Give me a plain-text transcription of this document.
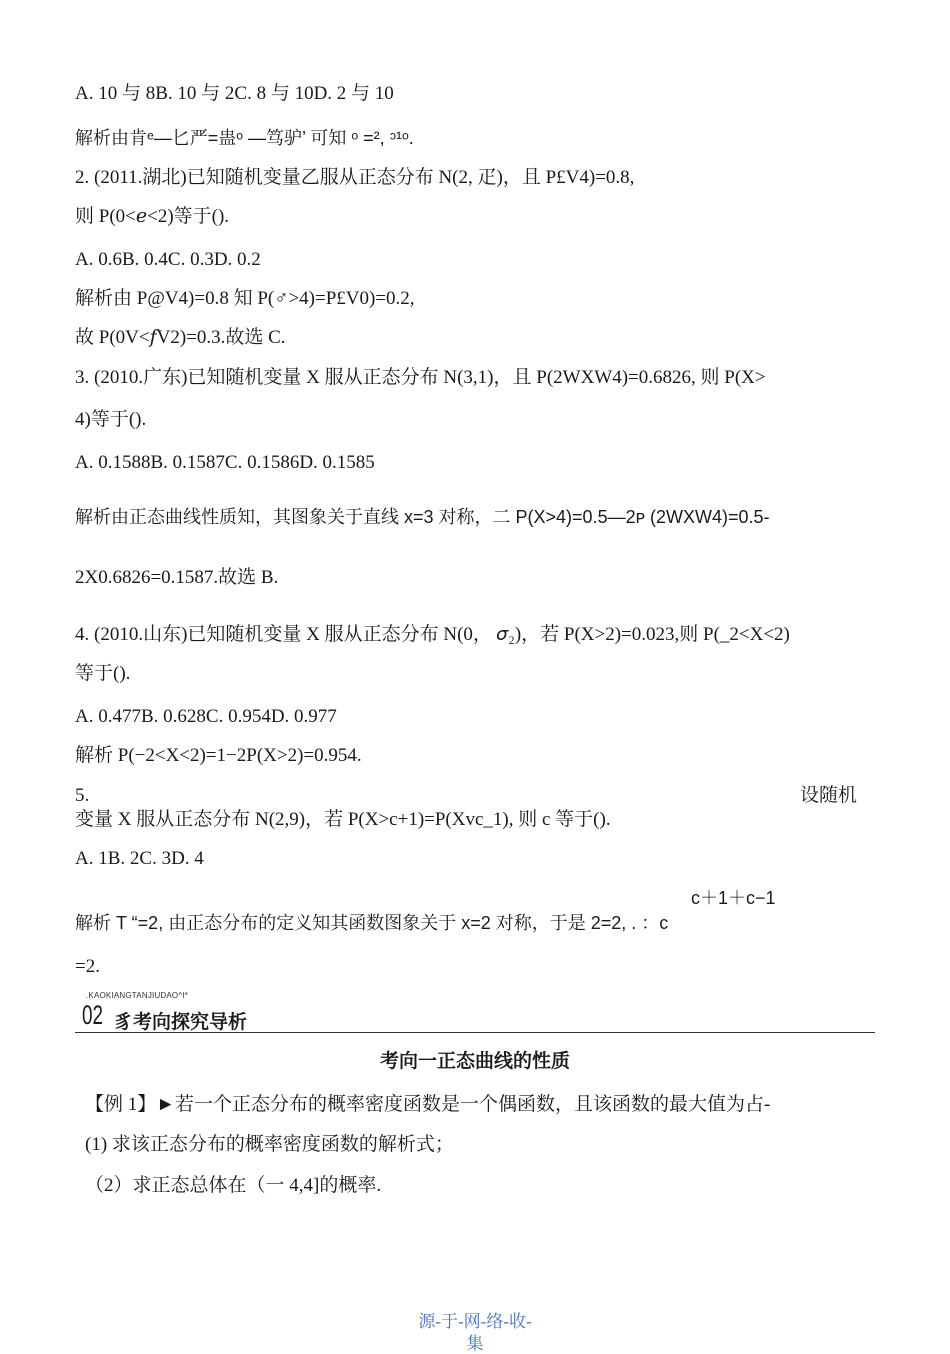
A. 10 与 8B. 10 与 2C. 8 与 10D. 2 与 10
解析由肯ᵉ—匕严=蛊ᵒ —笃驴’ 可知 ᵒ =², ᵓ¹ᵒ.
2. (2011.湖北)已知随机变量乙服从正态分布 N(2, 疋)，且 P£V4)=0.8,
则 P(0<ℯ<2)等于().
A. 0.6B. 0.4C. 0.3D. 0.2
解析由 P@V4)=0.8 知 P(♂>4)=P£V0)=0.2,
故 P(0V<𝑓V2)=0.3.故选 C.
3. (2010.广东)已知随机变量 X 服从正态分布 N(3,1)，且 P(2WXW4)=0.6826, 则 P(X>
4)等于().
A. 0.1588B. 0.1587C. 0.1586D. 0.1585
解析由正态曲线性质知，其图象关于直线 x=3 对称，二 P(X>4)=0.5—2ᴘ (2WXW4)=0.5-
2X0.6826=0.1587.故选 B.
4. (2010.山东)已知随机变量 X 服从正态分布 N(0， 𝜎₂)，若 P(X>2)=0.023,则 P(_2<X<2)
等于().
A. 0.477B. 0.628C. 0.954D. 0.977
解析 P(−2<X<2)=1−2P(X>2)=0.954.
5.	设随机
变量 X 服从正态分布 N(2,9)，若 P(X>c+1)=P(Xvc_1), 则 c 等于().
A. 1B. 2C. 3D. 4
c＋1＋c−1
解析 T “=2, 由正态分布的定义知其函数图象关于 x=2 对称，于是 2=2, . ：c
=2.
.KAOKIANGTANJIUDAO^I*
02 豸考向探究导析
考向一正态曲线的性质
【例 1】►若一个正态分布的概率密度函数是一个偶函数，且该函数的最大值为占-
(1) 求该正态分布的概率密度函数的解析式；
（2）求正态总体在（一 4,4]的概率.
源-于-网-络-收-
集
